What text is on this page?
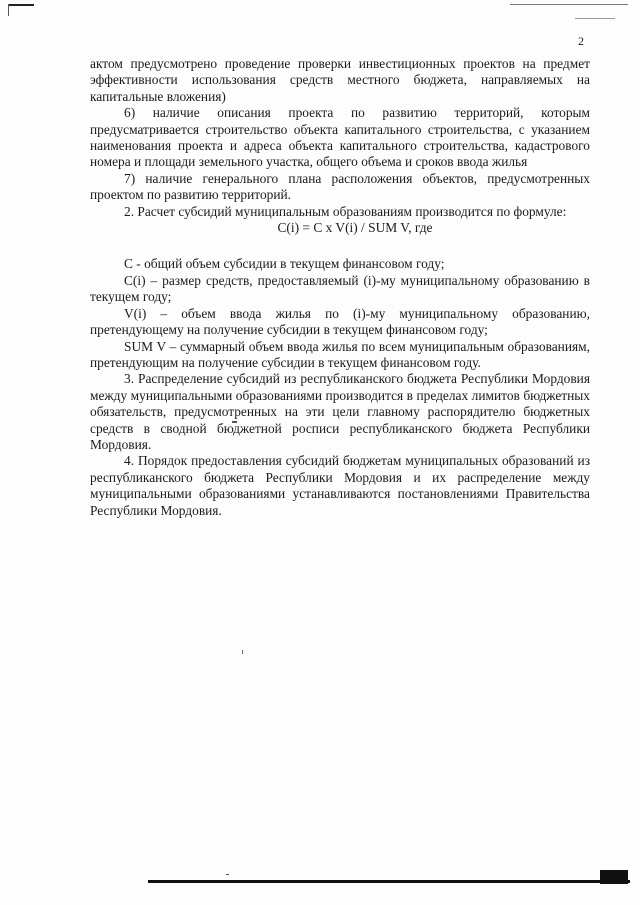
2

актом предусмотрено проведение проверки инвестиционных проектов на предмет эффективности использования средств местного бюджета, направляемых на капитальные вложения)

6) наличие описания проекта по развитию территорий, которым предусматривается строительство объекта капитального строительства, с указанием наименования проекта и адреса объекта капитального строительства, кадастрового номера и площади земельного участка, общего объема и сроков ввода жилья

7) наличие генерального плана расположения объектов, предусмотренных проектом по развитию территорий.

2. Расчет субсидий муниципальным образованиям производится по формуле:

C(i) = C x V(i) / SUM V, где

С - общий объем субсидии в текущем финансовом году;

C(i) – размер средств, предоставляемый (i)-му муниципальному образованию в текущем году;

V(i) – объем ввода жилья по (i)-му муниципальному образованию, претендующему на получение субсидии в текущем финансовом году;

SUM V – суммарный объем ввода жилья по всем муниципальным образованиям, претендующим на получение субсидии в текущем финансовом году.

3. Распределение субсидий из республиканского бюджета Республики Мордовия между муниципальными образованиями производится в пределах лимитов бюджетных обязательств, предусмотренных на эти цели главному распорядителю бюджетных средств в сводной бюджетной росписи республиканского бюджета Республики Мордовия.

4. Порядок предоставления субсидий бюджетам муниципальных образований из республиканского бюджета Республики Мордовия и их распределение между муниципальными образованиями устанавливаются постановлениями Правительства Республики Мордовия.
